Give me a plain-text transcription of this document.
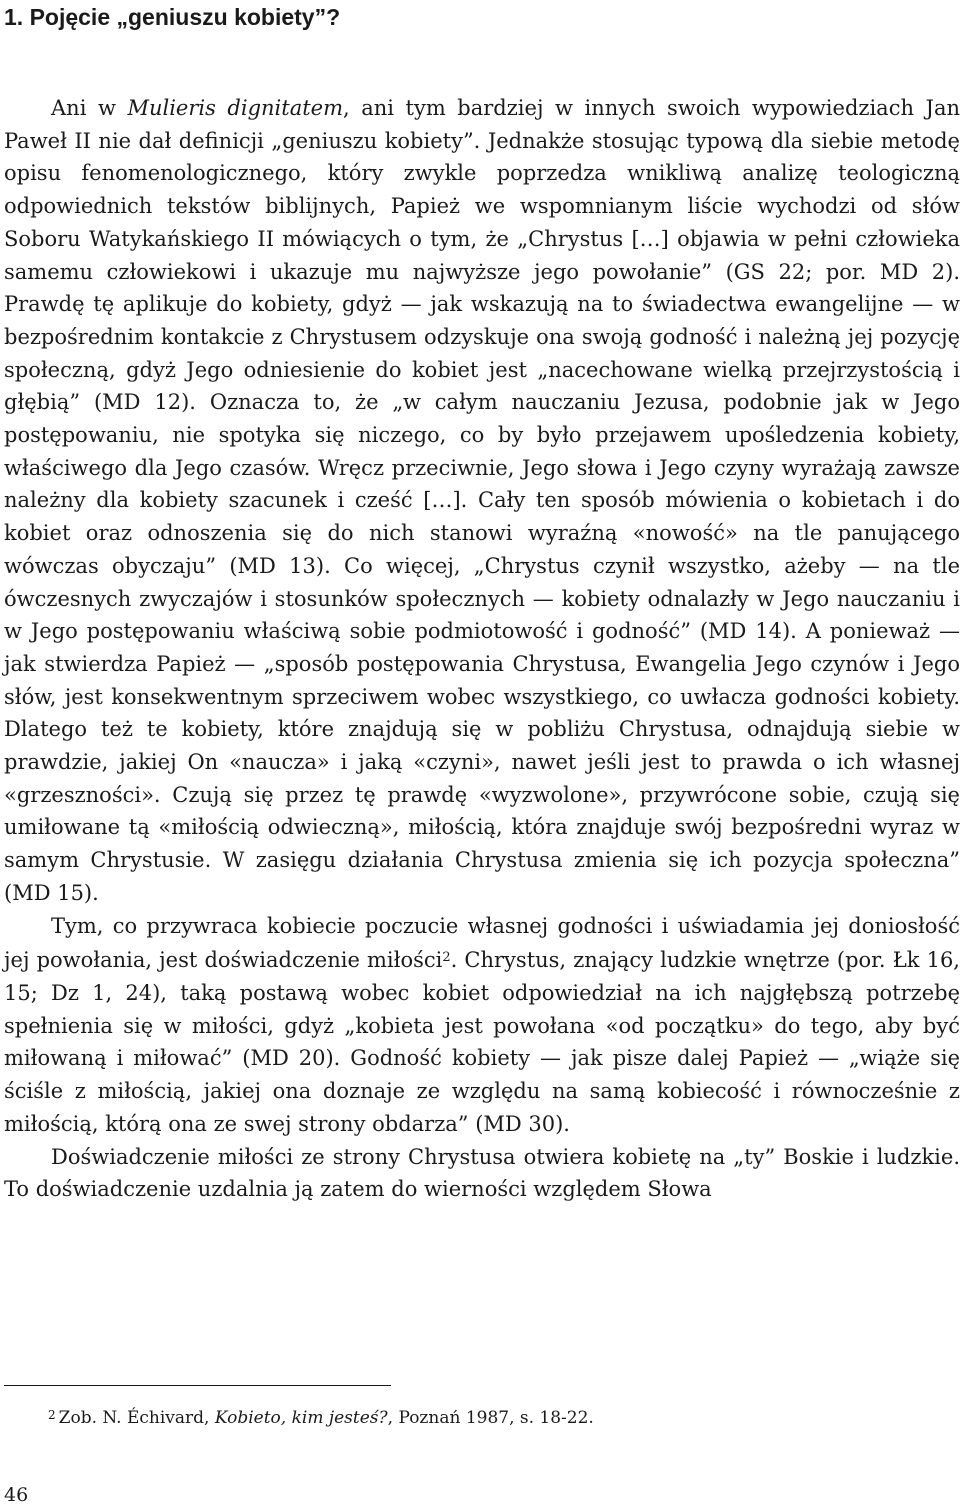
1. Pojęcie „geniuszu kobiety”?

Ani w Mulieris dignitatem, ani tym bardziej w innych swoich wypowiedziach Jan Paweł II nie dał definicji „geniuszu kobiety”. Jednakże stosując typową dla siebie metodę opisu fenomenologicznego, który zwykle poprzedza wnikliwą analizę teologiczną odpowiednich tekstów biblijnych, Papież we wspomnianym liście wychodzi od słów Soboru Watykańskiego II mówiących o tym, że „Chrystus […] objawia w pełni człowieka samemu człowiekowi i ukazuje mu najwyższe jego powołanie” (GS 22; por. MD 2). Prawdę tę aplikuje do kobiety, gdyż — jak wskazują na to świadectwa ewangelijne — w bezpośrednim kontakcie z Chrystusem odzyskuje ona swoją godność i należną jej pozycję społeczną, gdyż Jego odniesienie do kobiet jest „nacechowane wielką przejrzystością i głębią” (MD 12). Oznacza to, że „w całym nauczaniu Jezusa, podobnie jak w Jego postępowaniu, nie spotyka się niczego, co by było przejawem upośledzenia kobiety, właściwego dla Jego czasów. Wręcz przeciwnie, Jego słowa i Jego czyny wyrażają zawsze należny dla kobiety szacunek i cześć […]. Cały ten sposób mówienia o kobietach i do kobiet oraz odnoszenia się do nich stanowi wyraźną «nowość» na tle panującego wówczas obyczaju” (MD 13). Co więcej, „Chrystus czynił wszystko, ażeby — na tle ówczesnych zwyczajów i stosunków społecznych — kobiety odnalazły w Jego nauczaniu i w Jego postępowaniu właściwą sobie podmiotowość i godność” (MD 14). A ponieważ — jak stwierdza Papież — „sposób postępowania Chrystusa, Ewangelia Jego czynów i Jego słów, jest konsekwentnym sprzeciwem wobec wszystkiego, co uwłacza godności kobiety. Dlatego też te kobiety, które znajdują się w pobliżu Chrystusa, odnajdują siebie w prawdzie, jakiej On «naucza» i jaką «czyni», nawet jeśli jest to prawda o ich własnej «grzeszności». Czują się przez tę prawdę «wyzwolone», przywrócone sobie, czują się umiłowane tą «miłością odwieczną», miłością, która znajduje swój bezpośredni wyraz w samym Chrystusie. W zasięgu działania Chrystusa zmienia się ich pozycja społeczna” (MD 15).

Tym, co przywraca kobiecie poczucie własnej godności i uświadamia jej doniosłość jej powołania, jest doświadczenie miłości$^2$. Chrystus, znający ludzkie wnętrze (por. Łk 16, 15; Dz 1, 24), taką postawą wobec kobiet odpowiedział na ich najgłębszą potrzebę spełnienia się w miłości, gdyż „kobieta jest powołana «od początku» do tego, aby być miłowaną i miłować” (MD 20). Godność kobiety — jak pisze dalej Papież — „wiąże się ściśle z miłością, jakiej ona doznaje ze względu na samą kobiecość i równocześnie z miłością, którą ona ze swej strony obdarza” (MD 30).

Doświadczenie miłości ze strony Chrystusa otwiera kobietę na „ty” Boskie i ludzkie. To doświadczenie uzdalnia ją zatem do wierności względem Słowa

$^2$ Zob. N. Échivard, Kobieto, kim jesteś?, Poznań 1987, s. 18-22.

46
